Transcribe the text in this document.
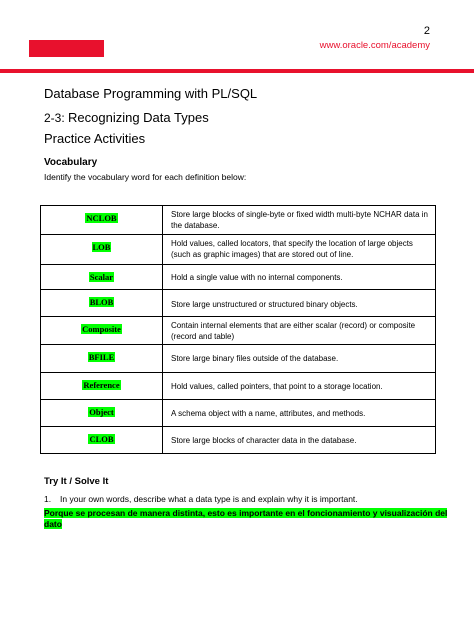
2
www.oracle.com/academy
Database Programming with PL/SQL
2-3: Recognizing Data Types
Practice Activities
Vocabulary
Identify the vocabulary word for each definition below:
NCLOB	Store large blocks of single-byte or fixed width multi-byte NCHAR data in the database.
LOB	Hold values, called locators, that specify the location of large objects (such as graphic images) that are stored out of line.
Scalar	Hold a single value with no internal components.
BLOB	Store large unstructured or structured binary objects.
Composite	Contain internal elements that are either scalar (record) or composite (record and table)
BFILE	Store large binary files outside of the database.
Reference	Hold values, called pointers, that point to a storage location.
Object	A schema object with a name, attributes, and methods.
CLOB	Store large blocks of character data in the database.
Try It / Solve It
1. In your own words, describe what a data type is and explain why it is important.
Porque se procesan de manera distinta, esto es importante en el foncionamiento y visualización del dato
